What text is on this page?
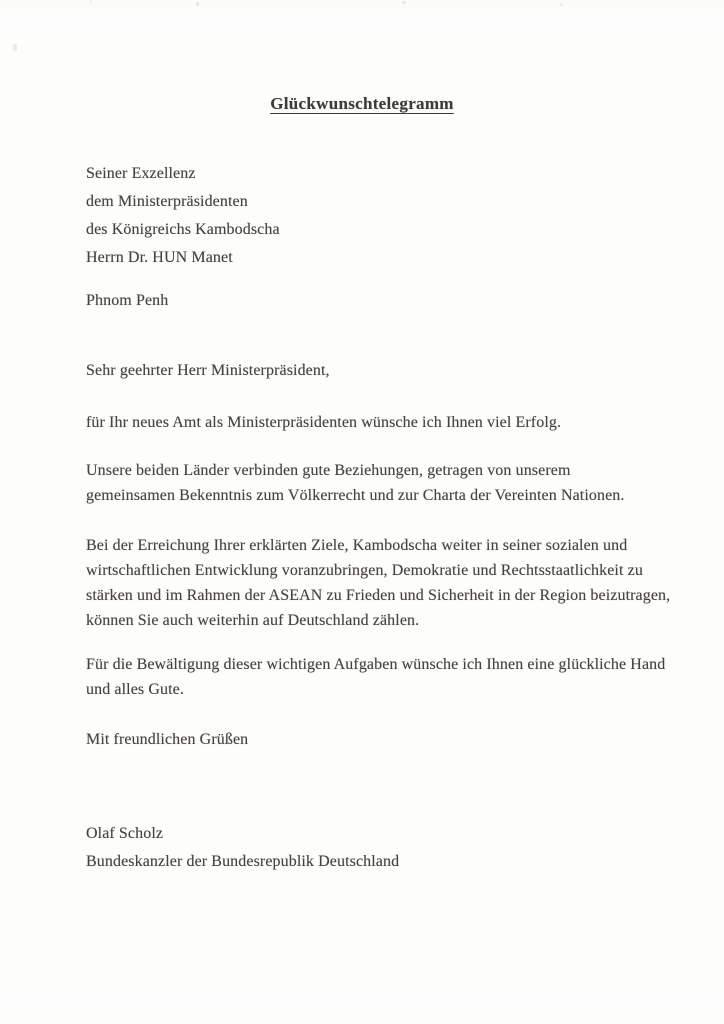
Glückwunschtelegramm
Seiner Exzellenz
dem Ministerpräsidenten
des Königreichs Kambodscha
Herrn Dr. HUN Manet
Phnom Penh
Sehr geehrter Herr Ministerpräsident,
für Ihr neues Amt als Ministerpräsidenten wünsche ich Ihnen viel Erfolg.
Unsere beiden Länder verbinden gute Beziehungen, getragen von unserem
gemeinsamen Bekenntnis zum Völkerrecht und zur Charta der Vereinten Nationen.
Bei der Erreichung Ihrer erklärten Ziele, Kambodscha weiter in seiner sozialen und
wirtschaftlichen Entwicklung voranzubringen, Demokratie und Rechtsstaatlichkeit zu
stärken und im Rahmen der ASEAN zu Frieden und Sicherheit in der Region beizutragen,
können Sie auch weiterhin auf Deutschland zählen.
Für die Bewältigung dieser wichtigen Aufgaben wünsche ich Ihnen eine glückliche Hand
und alles Gute.
Mit freundlichen Grüßen
Olaf Scholz
Bundeskanzler der Bundesrepublik Deutschland
